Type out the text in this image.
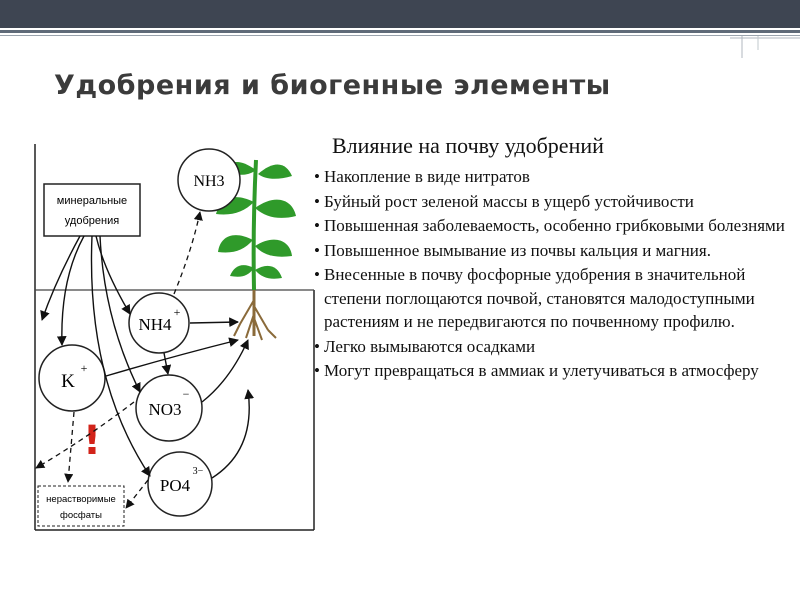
Удобрения и биогенные элементы
минеральные
удобрения
нерастворимые
фосфаты
NH3
NH4
+
K
+
NO3
−
PO4
3−
!
Влияние на почву удобрений
• Накопление в виде нитратов
• Буйный рост зеленой массы в ущерб устойчивости
• Повышенная заболеваемость, особенно грибковыми болезнями
• Повышенное вымывание из почвы кальция и магния.
• Внесенные в почву фосфорные удобрения в значительной степени поглощаются почвой, становятся малодоступными растениям и не передвигаются по почвенному профилю.
• Легко вымываются осадками
• Могут превращаться в аммиак и улетучиваться в атмосферу
